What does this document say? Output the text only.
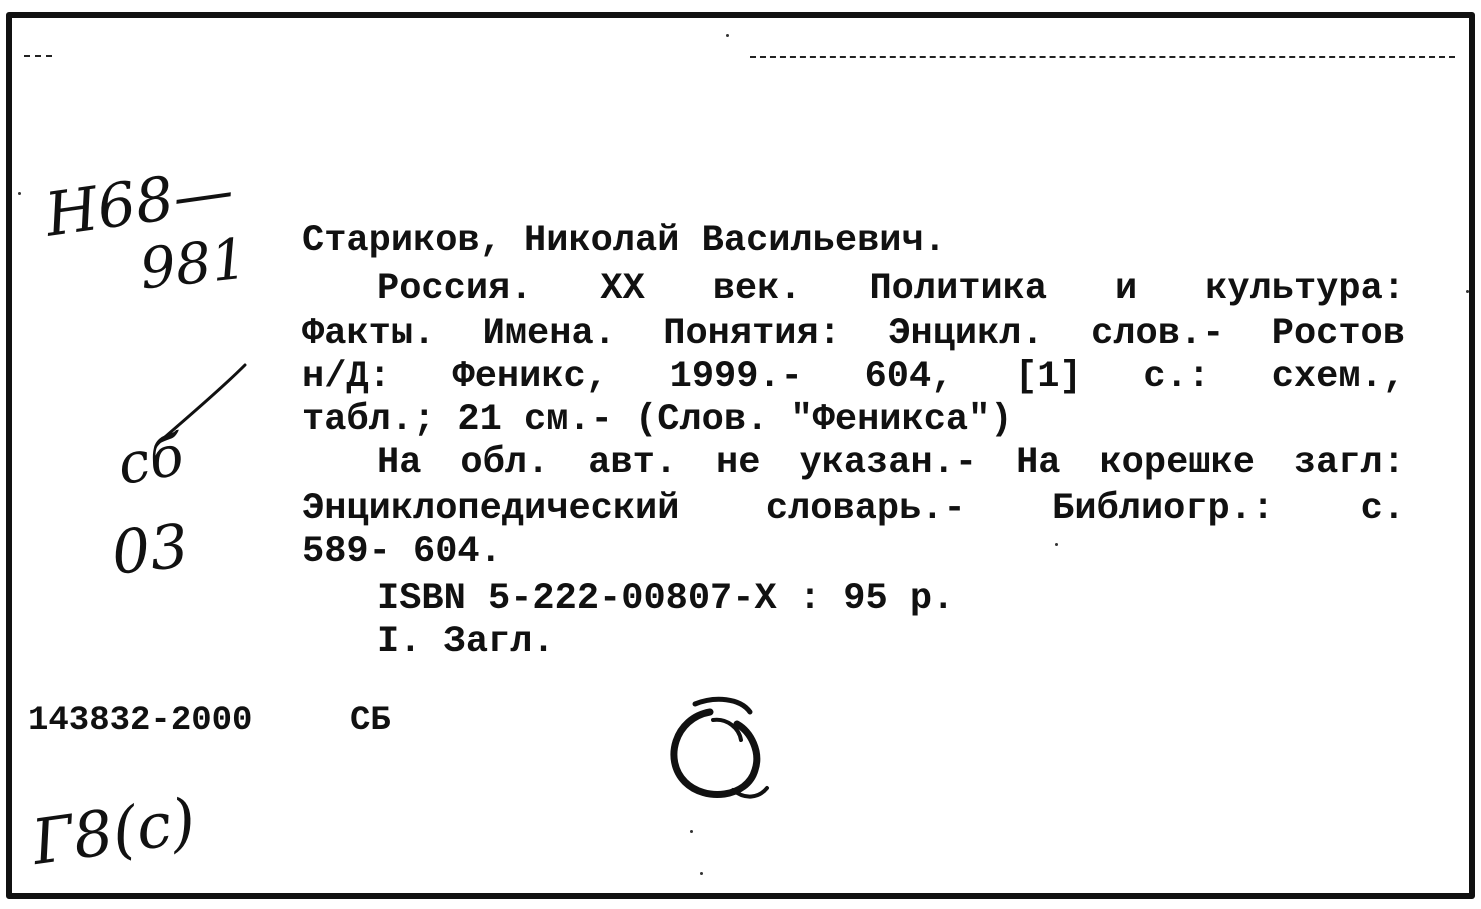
Н68—
981
сб
03
Г8(с)
Стариков, Николай Васильевич.
Россия. XX век. Политика и культура:
Факты. Имена. Понятия: Энцикл. слов.- Ростов
н/Д: Феникс, 1999.- 604, [1] с.: схем.,
табл.; 21 см.- (Слов. "Феникса")
На обл. авт. не указан.- На корешке загл:
Энциклопедический словарь.- Библиогр.: с.
589- 604.
ISBN 5-222-00807-X : 95 р.
I. Загл.
143832-2000	СБ
